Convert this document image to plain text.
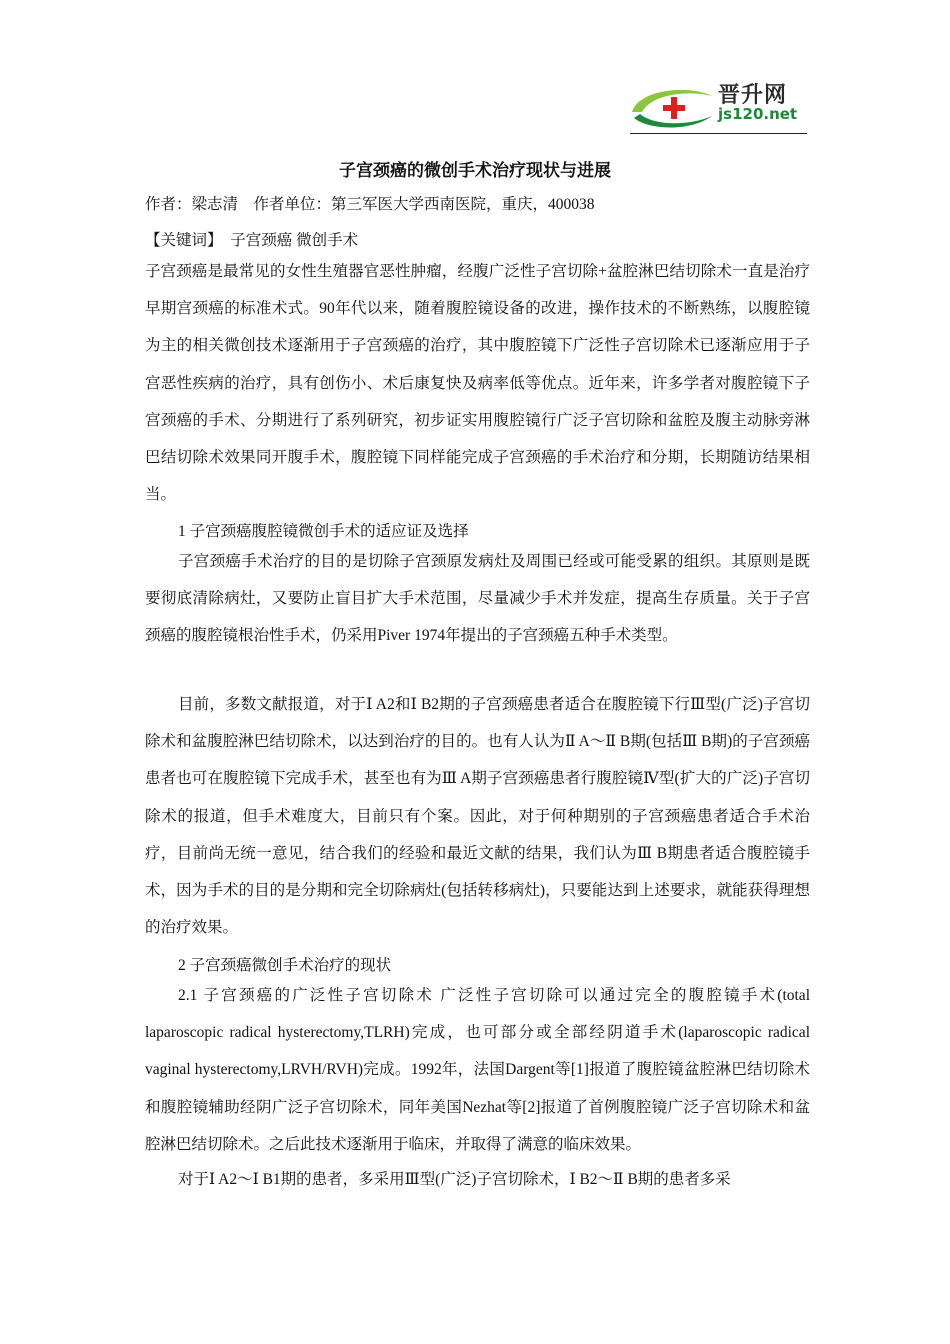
晋升网
js120.net
子宫颈癌的微创手术治疗现状与进展
作者：梁志清　作者单位：第三军医大学西南医院，重庆，400038
【关键词】　子宫颈癌 微创手术
子宫颈癌是最常见的女性生殖器官恶性肿瘤，经腹广泛性子宫切除+盆腔淋巴结切除术一直是治疗早期宫颈癌的标准术式。90年代以来，随着腹腔镜设备的改进，操作技术的不断熟练，以腹腔镜为主的相关微创技术逐渐用于子宫颈癌的治疗，其中腹腔镜下广泛性子宫切除术已逐渐应用于子宫恶性疾病的治疗，具有创伤小、术后康复快及病率低等优点。近年来，许多学者对腹腔镜下子宫颈癌的手术、分期进行了系列研究，初步证实用腹腔镜行广泛子宫切除和盆腔及腹主动脉旁淋巴结切除术效果同开腹手术，腹腔镜下同样能完成子宫颈癌的手术治疗和分期，长期随访结果相当。
1 子宫颈癌腹腔镜微创手术的适应证及选择
子宫颈癌手术治疗的目的是切除子宫颈原发病灶及周围已经或可能受累的组织。其原则是既要彻底清除病灶，又要防止盲目扩大手术范围，尽量减少手术并发症，提高生存质量。关于子宫颈癌的腹腔镜根治性手术，仍采用Piver 1974年提出的子宫颈癌五种手术类型。
目前，多数文献报道，对于Ⅰ A2和Ⅰ B2期的子宫颈癌患者适合在腹腔镜下行Ⅲ型(广泛)子宫切除术和盆腹腔淋巴结切除术，以达到治疗的目的。也有人认为Ⅱ A～Ⅱ B期(包括Ⅲ B期)的子宫颈癌患者也可在腹腔镜下完成手术，甚至也有为Ⅲ A期子宫颈癌患者行腹腔镜Ⅳ型(扩大的广泛)子宫切除术的报道，但手术难度大，目前只有个案。因此，对于何种期别的子宫颈癌患者适合手术治疗，目前尚无统一意见，结合我们的经验和最近文献的结果，我们认为Ⅲ B期患者适合腹腔镜手术，因为手术的目的是分期和完全切除病灶(包括转移病灶)，只要能达到上述要求，就能获得理想的治疗效果。
2 子宫颈癌微创手术治疗的现状
2.1 子宫颈癌的广泛性子宫切除术 广泛性子宫切除可以通过完全的腹腔镜手术(total laparoscopic radical hysterectomy,TLRH)完成，也可部分或全部经阴道手术(laparoscopic radical vaginal hysterectomy,LRVH/RVH)完成。1992年，法国Dargent等[1]报道了腹腔镜盆腔淋巴结切除术和腹腔镜辅助经阴广泛子宫切除术，同年美国Nezhat等[2]报道了首例腹腔镜广泛子宫切除术和盆腔淋巴结切除术。之后此技术逐渐用于临床，并取得了满意的临床效果。
对于Ⅰ A2～Ⅰ B1期的患者，多采用Ⅲ型(广泛)子宫切除术，Ⅰ B2～Ⅱ B期的患者多采
